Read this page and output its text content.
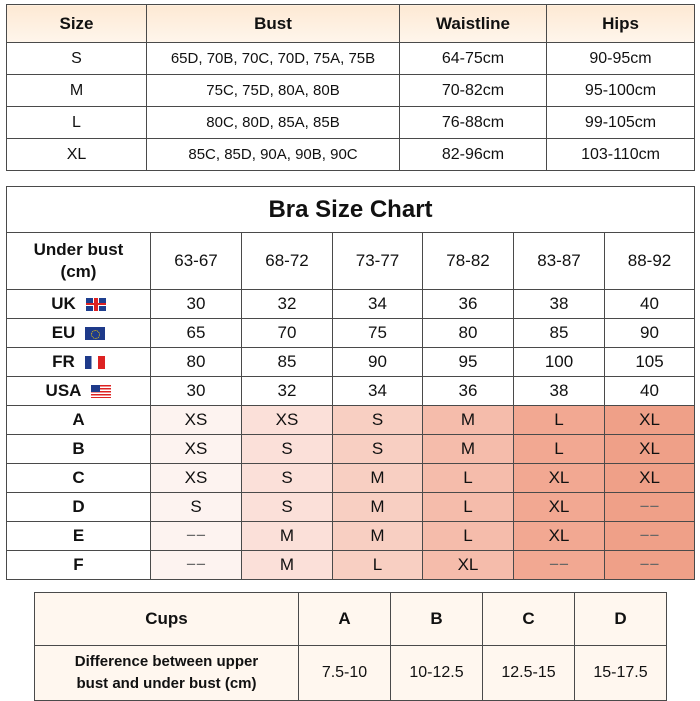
Size	Bust	Waistline	Hips
S	65D, 70B, 70C, 70D, 75A, 75B	64-75cm	90-95cm
M	75C, 75D, 80A, 80B	70-82cm	95-100cm
L	80C, 80D, 85A, 85B	76-88cm	99-105cm
XL	85C, 85D, 90A, 90B, 90C	82-96cm	103-110cm
Bra Size Chart						
Under bust
(cm)	63-67	68-72	73-77	78-82	83-87	88-92

UK	30	32	34	36	38	40

EU	65	70	75	80	85	90

FR	80	85	90	95	100	105

USA	30	32	34	36	38	40
A	XS	XS	S	M	L	XL
B	XS	S	S	M	L	XL
C	XS	S	M	L	XL	XL
D	S	S	M	L	XL	−−
E	−−	M	M	L	XL	−−
F	−−	M	L	XL	−−	−−
Cups	A	B	C	D
Difference between upper
bust and under bust (cm)	7.5-10	10-12.5	12.5-15	15-17.5
